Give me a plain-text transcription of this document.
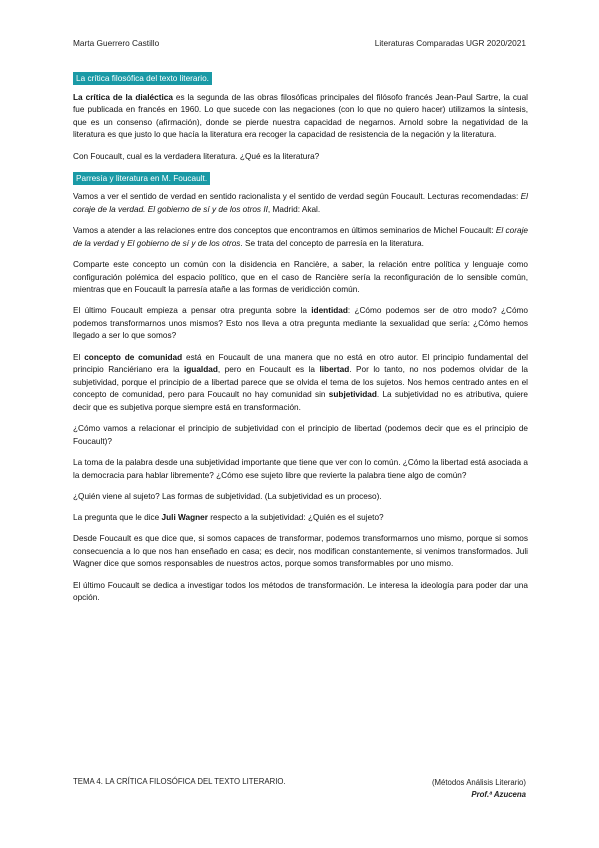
Marta Guerrero Castillo	Literaturas Comparadas UGR 2020/2021
La crítica filosófica del texto literario.

La crítica de la dialéctica es la segunda de las obras filosóficas principales del filósofo francés Jean-Paul Sartre, la cual fue publicada en francés en 1960. Lo que sucede con las negaciones (con lo que no quiero hacer) utilizamos la síntesis, que es un consenso (afirmación), donde se pierde nuestra capacidad de negarnos. Arnold sobre la negatividad de la literatura es que justo lo que hacía la literatura era recoger la capacidad de resistencia de la negación y la literatura.

Con Foucault, cual es la verdadera literatura. ¿Qué es la literatura?

Parresía y literatura en M. Foucault.

Vamos a ver el sentido de verdad en sentido racionalista y el sentido de verdad según Foucault. Lecturas recomendadas: El coraje de la verdad. El gobierno de sí y de los otros II, Madrid: Akal.

Vamos a atender a las relaciones entre dos conceptos que encontramos en últimos seminarios de Michel Foucault: El coraje de la verdad y El gobierno de sí y de los otros. Se trata del concepto de parresía en la literatura.

Comparte este concepto un común con la disidencia en Rancière, a saber, la relación entre política y lenguaje como configuración polémica del espacio político, que en el caso de Rancière sería la reconfiguración de lo sensible común, mientras que en Foucault la parresía atañe a las formas de veridicción común.

El último Foucault empieza a pensar otra pregunta sobre la identidad: ¿Cómo podemos ser de otro modo? ¿Cómo podemos transformarnos unos mismos? Esto nos lleva a otra pregunta mediante la sexualidad que sería: ¿Cómo hemos llegado a ser lo que somos?

El concepto de comunidad está en Foucault de una manera que no está en otro autor. El principio fundamental del principio Ranciériano era la igualdad, pero en Foucault es la libertad. Por lo tanto, no nos podemos olvidar de la subjetividad, porque el principio de a libertad parece que se olvida el tema de los sujetos. Nos hemos centrado antes en el concepto de comunidad, pero para Foucault no hay comunidad sin subjetividad. La subjetividad no es atributiva, quiere decir que es subjetiva porque siempre está en transformación.

¿Cómo vamos a relacionar el principio de subjetividad con el principio de libertad (podemos decir que es el principio de Foucault)?

La toma de la palabra desde una subjetividad importante que tiene que ver con lo común. ¿Cómo la libertad está asociada a la democracia para hablar libremente? ¿Cómo ese sujeto libre que revierte la palabra tiene algo de común?

¿Quién viene al sujeto? Las formas de subjetividad. (La subjetividad es un proceso).

La pregunta que le dice Juli Wagner respecto a la subjetividad: ¿Quién es el sujeto?

Desde Foucault es que dice que, si somos capaces de transformar, podemos transformarnos uno mismo, porque si somos consecuencia a lo que nos han enseñado en casa; es decir, nos modifican constantemente, si venimos transformados. Juli Wagner dice que somos responsables de nuestros actos, porque somos transformables por uno mismo.

El último Foucault se dedica a investigar todos los métodos de transformación. Le interesa la ideología para poder dar una opción.

TEMA 4. LA CRÍTICA FILOSÓFICA DEL TEXTO LITERARIO.	(Métodos Análisis Literario)
Prof.ª Azucena
